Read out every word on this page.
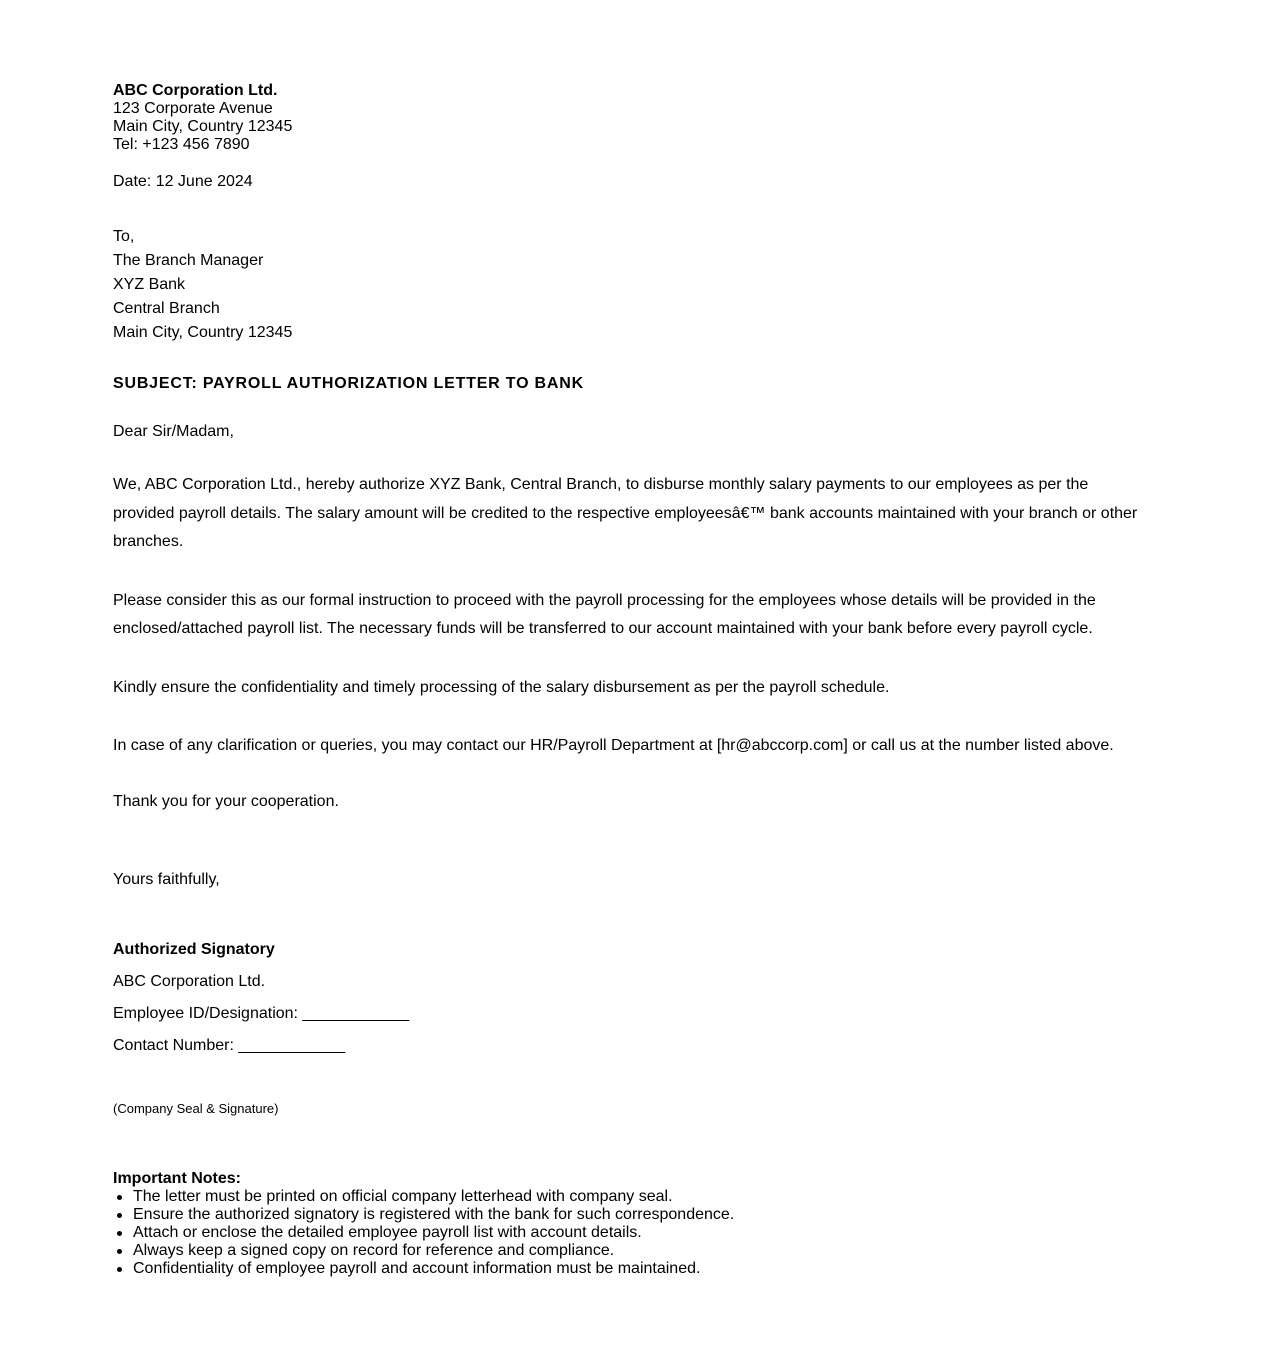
ABC Corporation Ltd.
123 Corporate Avenue
Main City, Country 12345
Tel: +123 456 7890
Date: 12 June 2024
To,
The Branch Manager
XYZ Bank
Central Branch
Main City, Country 12345
SUBJECT: PAYROLL AUTHORIZATION LETTER TO BANK
Dear Sir/Madam,
We, ABC Corporation Ltd., hereby authorize XYZ Bank, Central Branch, to disburse monthly salary payments to our employees as per the provided payroll details. The salary amount will be credited to the respective employeesâ€™ bank accounts maintained with your branch or other branches.
Please consider this as our formal instruction to proceed with the payroll processing for the employees whose details will be provided in the enclosed/attached payroll list. The necessary funds will be transferred to our account maintained with your bank before every payroll cycle.
Kindly ensure the confidentiality and timely processing of the salary disbursement as per the payroll schedule.
In case of any clarification or queries, you may contact our HR/Payroll Department at [hr@abccorp.com] or call us at the number listed above.
Thank you for your cooperation.
Yours faithfully,
Authorized Signatory
ABC Corporation Ltd.
Employee ID/Designation: ____________
Contact Number: ____________
(Company Seal & Signature)
Important Notes:
The letter must be printed on official company letterhead with company seal.
Ensure the authorized signatory is registered with the bank for such correspondence.
Attach or enclose the detailed employee payroll list with account details.
Always keep a signed copy on record for reference and compliance.
Confidentiality of employee payroll and account information must be maintained.
